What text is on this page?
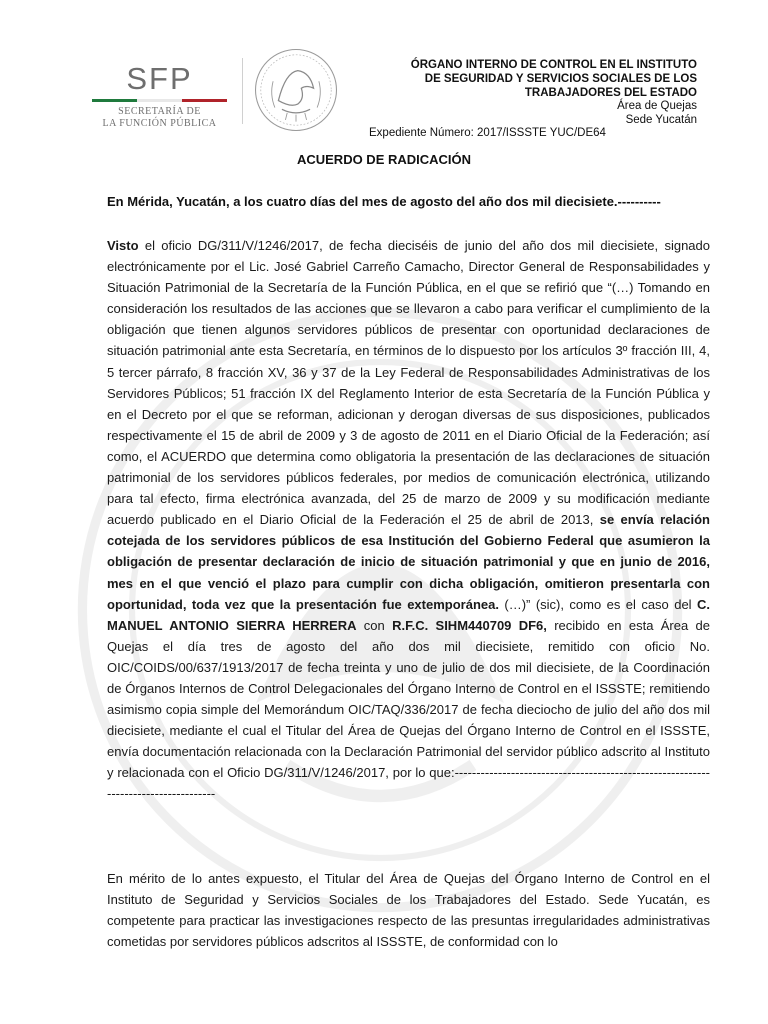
SFP
SECRETARÍA DE
LA FUNCIÓN PÚBLICA
ÓRGANO INTERNO DE CONTROL EN EL INSTITUTO
DE SEGURIDAD Y SERVICIOS SOCIALES DE LOS
TRABAJADORES DEL ESTADO
Área de Quejas
Sede Yucatán
Expediente Número: 2017/ISSSTE YUC/DE64
ACUERDO DE RADICACIÓN
En Mérida, Yucatán, a los cuatro días del mes de agosto del año dos mil diecisiete.----------

Visto el oficio DG/311/V/1246/2017, de fecha dieciséis de junio del año dos mil diecisiete, signado electrónicamente por el Lic. José Gabriel Carreño Camacho, Director General de Responsabilidades y Situación Patrimonial de la Secretaría de la Función Pública, en el que se refirió que “(…) Tomando en consideración los resultados de las acciones que se llevaron a cabo para verificar el cumplimiento de la obligación que tienen algunos servidores públicos de presentar con oportunidad declaraciones de situación patrimonial ante esta Secretaría, en términos de lo dispuesto por los artículos 3º fracción III, 4, 5 tercer párrafo, 8 fracción XV, 36 y 37 de la Ley Federal de Responsabilidades Administrativas de los Servidores Públicos; 51 fracción IX del Reglamento Interior de esta Secretaría de la Función Pública y en el Decreto por el que se reforman, adicionan y derogan diversas de sus disposiciones, publicados respectivamente el 15 de abril de 2009 y 3 de agosto de 2011 en el Diario Oficial de la Federación; así como, el ACUERDO que determina como obligatoria la presentación de las declaraciones de situación patrimonial de los servidores públicos federales, por medios de comunicación electrónica, utilizando para tal efecto, firma electrónica avanzada, del 25 de marzo de 2009 y su modificación mediante acuerdo publicado en el Diario Oficial de la Federación el 25 de abril de 2013, se envía relación cotejada de los servidores públicos de esa Institución del Gobierno Federal que asumieron la obligación de presentar declaración de inicio de situación patrimonial y que en junio de 2016, mes en el que venció el plazo para cumplir con dicha obligación, omitieron presentarla con oportunidad, toda vez que la presentación fue extemporánea. (…)” (sic), como es el caso del C. MANUEL ANTONIO SIERRA HERRERA con R.F.C. SIHM440709 DF6, recibido en esta Área de Quejas el día tres de agosto del año dos mil diecisiete, remitido con oficio No. OIC/COIDS/00/637/1913/2017 de fecha treinta y uno de julio de dos mil diecisiete, de la Coordinación de Órganos Internos de Control Delegacionales del Órgano Interno de Control en el ISSSTE; remitiendo asimismo copia simple del Memorándum OIC/TAQ/336/2017 de fecha dieciocho de julio del año dos mil diecisiete, mediante el cual el Titular del Área de Quejas del Órgano Interno de Control en el ISSSTE, envía documentación relacionada con la Declaración Patrimonial del servidor público adscrito al Instituto y relacionada con el Oficio DG/311/V/1246/2017, por lo que:------------------------------------------------------------------------------------

En mérito de lo antes expuesto, el Titular del Área de Quejas del Órgano Interno de Control en el Instituto de Seguridad y Servicios Sociales de los Trabajadores del Estado. Sede Yucatán, es competente para practicar las investigaciones respecto de las presuntas irregularidades administrativas cometidas por servidores públicos adscritos al ISSSTE, de conformidad con lo
